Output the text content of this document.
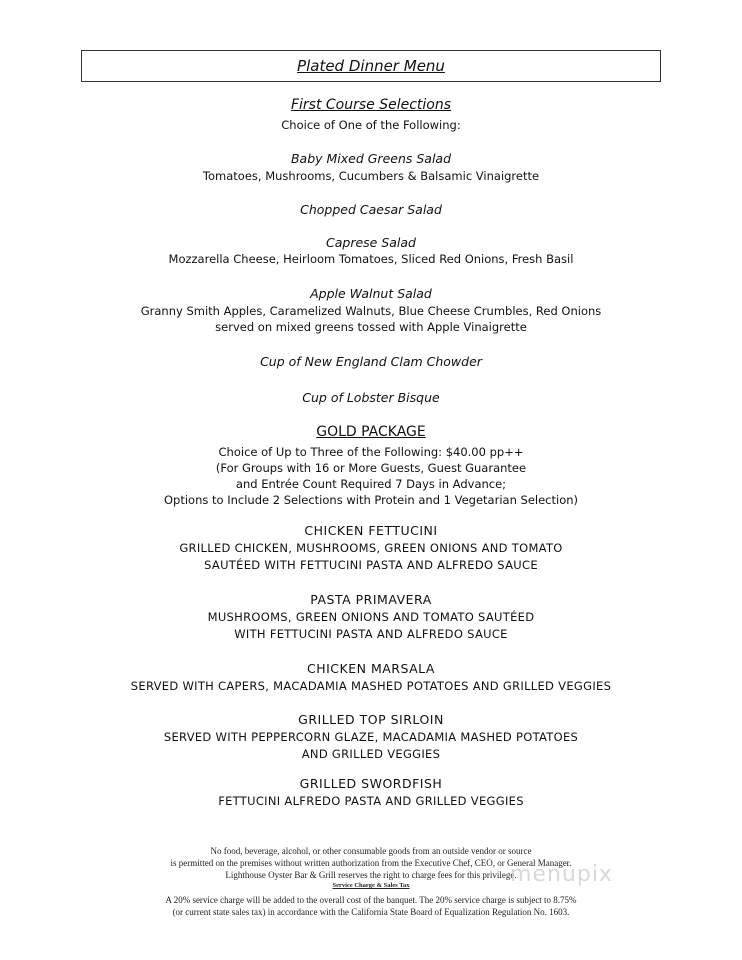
Plated Dinner Menu
First Course Selections
Choice of One of the Following:
Baby Mixed Greens Salad
Tomatoes, Mushrooms, Cucumbers & Balsamic Vinaigrette
Chopped Caesar Salad
Caprese Salad
Mozzarella Cheese, Heirloom Tomatoes, Sliced Red Onions, Fresh Basil
Apple Walnut Salad
Granny Smith Apples, Caramelized Walnuts, Blue Cheese Crumbles, Red Onions
served on mixed greens tossed with Apple Vinaigrette
Cup of New England Clam Chowder
Cup of Lobster Bisque
GOLD PACKAGE
Choice of Up to Three of the Following: $40.00 pp++
(For Groups with 16 or More Guests, Guest Guarantee
and Entrée Count Required 7 Days in Advance;
Options to Include 2 Selections with Protein and 1 Vegetarian Selection)
CHICKEN FETTUCINI
GRILLED CHICKEN, MUSHROOMS, GREEN ONIONS AND TOMATO
SAUTÉED WITH FETTUCINI PASTA AND ALFREDO SAUCE
PASTA PRIMAVERA
MUSHROOMS, GREEN ONIONS AND TOMATO SAUTÉED
WITH FETTUCINI PASTA AND ALFREDO SAUCE
CHICKEN MARSALA
SERVED WITH CAPERS, MACADAMIA MASHED POTATOES AND GRILLED VEGGIES
GRILLED TOP SIRLOIN
SERVED WITH PEPPERCORN GLAZE, MACADAMIA MASHED POTATOES
AND GRILLED VEGGIES
GRILLED SWORDFISH
FETTUCINI ALFREDO PASTA AND GRILLED VEGGIES
No food, beverage, alcohol, or other consumable goods from an outside vendor or source
is permitted on the premises without written authorization from the Executive Chef, CEO, or General Manager.
Lighthouse Oyster Bar & Grill reserves the right to charge fees for this privilege.
Service Charge & Sales Tax
A 20% service charge will be added to the overall cost of the banquet. The 20% service charge is subject to 8.75%
(or current state sales tax) in accordance with the California State Board of Equalization Regulation No. 1603.
menupix
